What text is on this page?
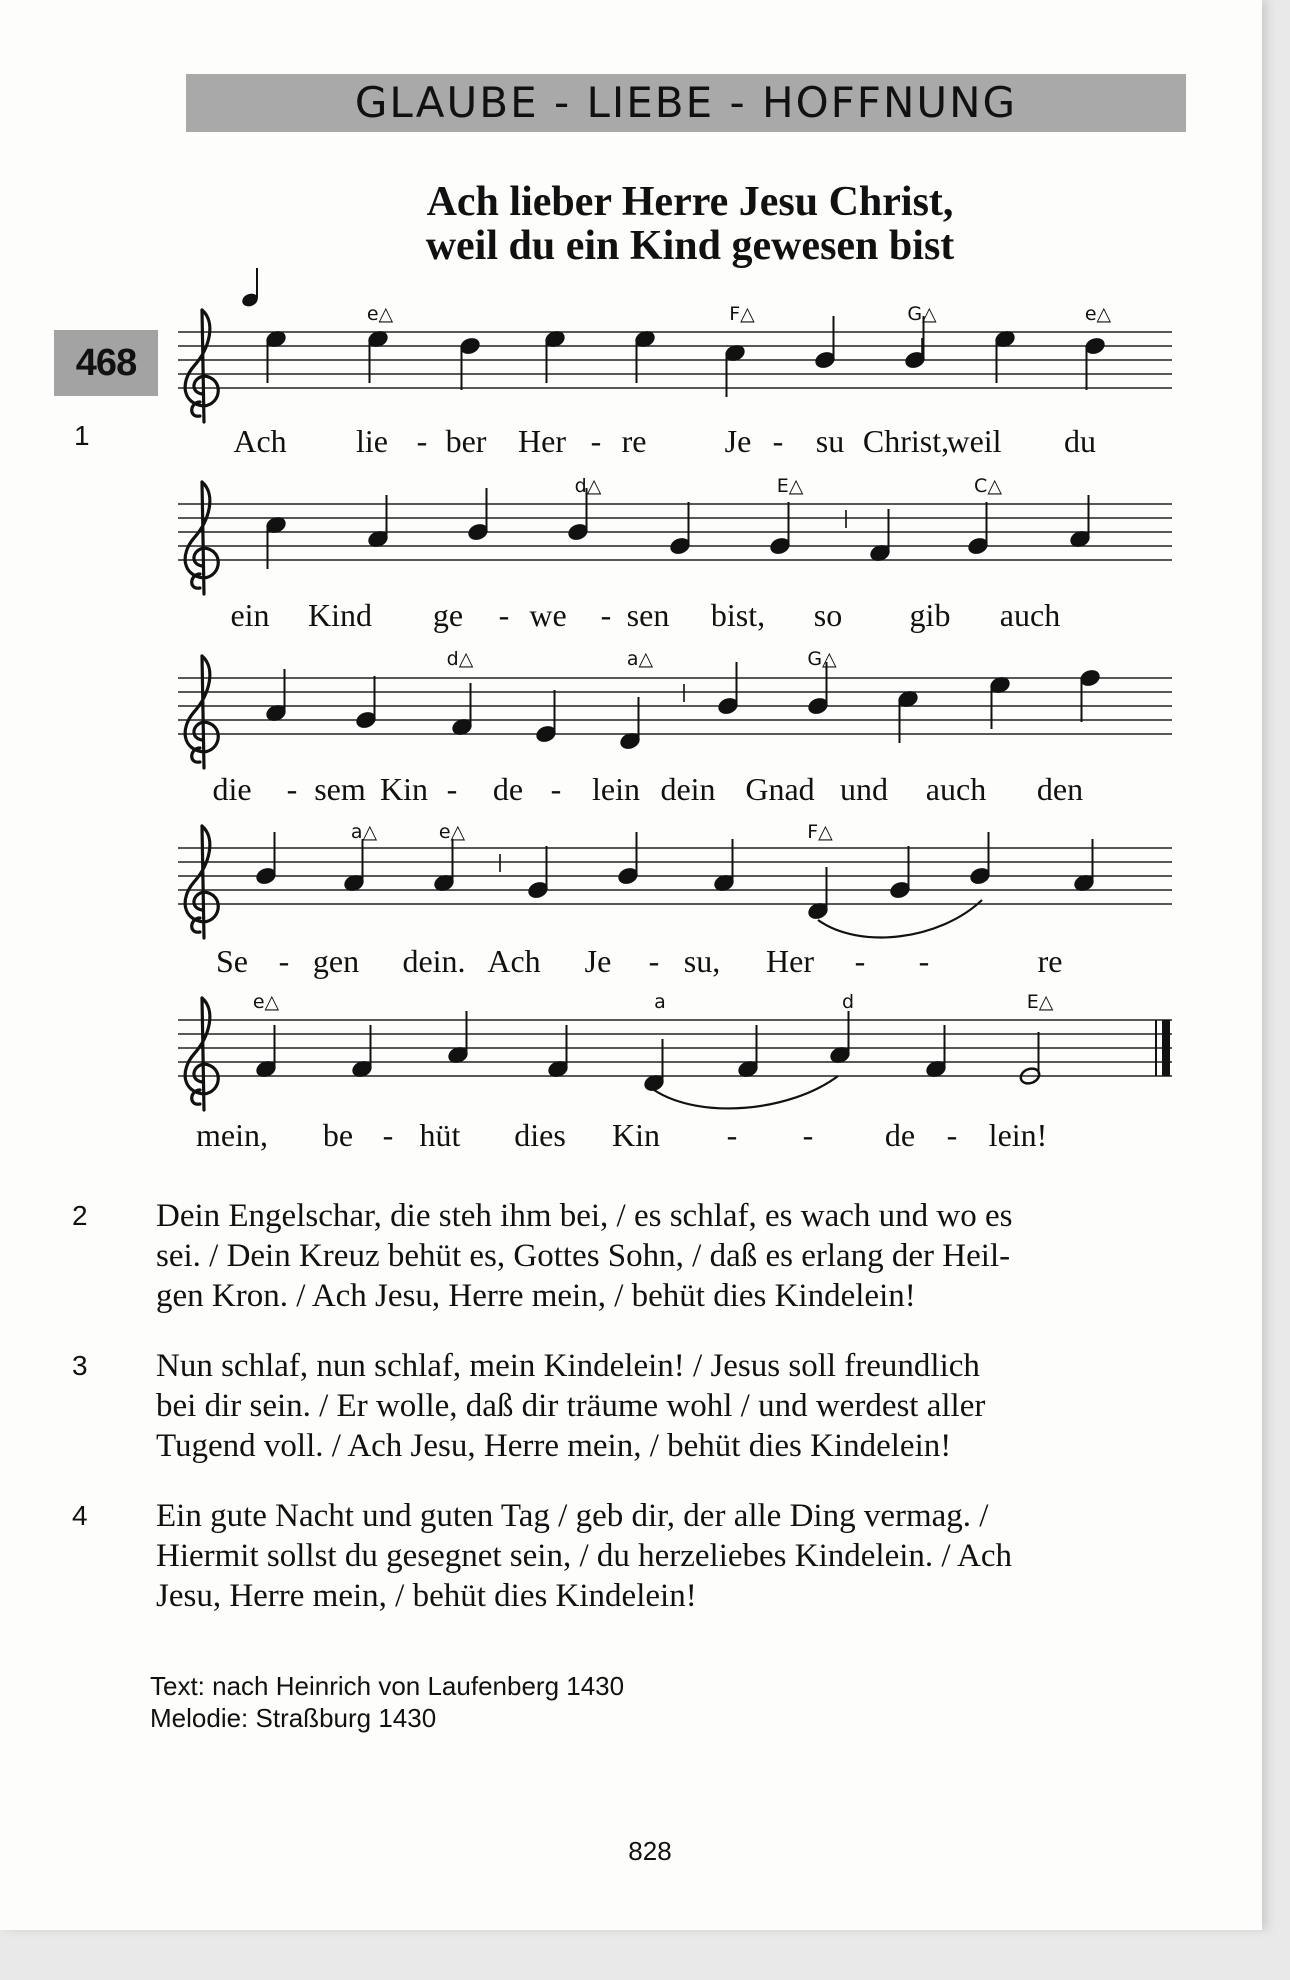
GLAUBE - LIEBE - HOFFNUNG
Ach lieber Herre Jesu Christ,
weil du ein Kind gewesen bist
468
1
e△	F△	G△	e△
d△	E△	C△
d△	a△	G△
a△	e△	F△
e△	a	d	E△
Ach lie - ber Her - re Je - su Christ,
weil du
ein Kind ge - we - sen bist, so gib auch
die - sem Kin - de - lein dein Gnad und auch den
Se - gen dein. Ach Je - su, Her - -	re
mein, be - hüt dies Kin - - de - lein!
2 Dein Engelschar, die steh ihm bei, / es schlaf, es wach und wo es
sei. / Dein Kreuz behüt es, Gottes Sohn, / daß es erlang der Heil-
gen Kron. / Ach Jesu, Herre mein, / behüt dies Kindelein!
3 Nun schlaf, nun schlaf, mein Kindelein! / Jesus soll freundlich
bei dir sein. / Er wolle, daß dir träume wohl / und werdest aller
Tugend voll. / Ach Jesu, Herre mein, / behüt dies Kindelein!
4 Ein gute Nacht und guten Tag / geb dir, der alle Ding vermag. /
Hiermit sollst du gesegnet sein, / du herzeliebes Kindelein. / Ach
Jesu, Herre mein, / behüt dies Kindelein!
Text: nach Heinrich von Laufenberg 1430
Melodie: Straßburg 1430
828
